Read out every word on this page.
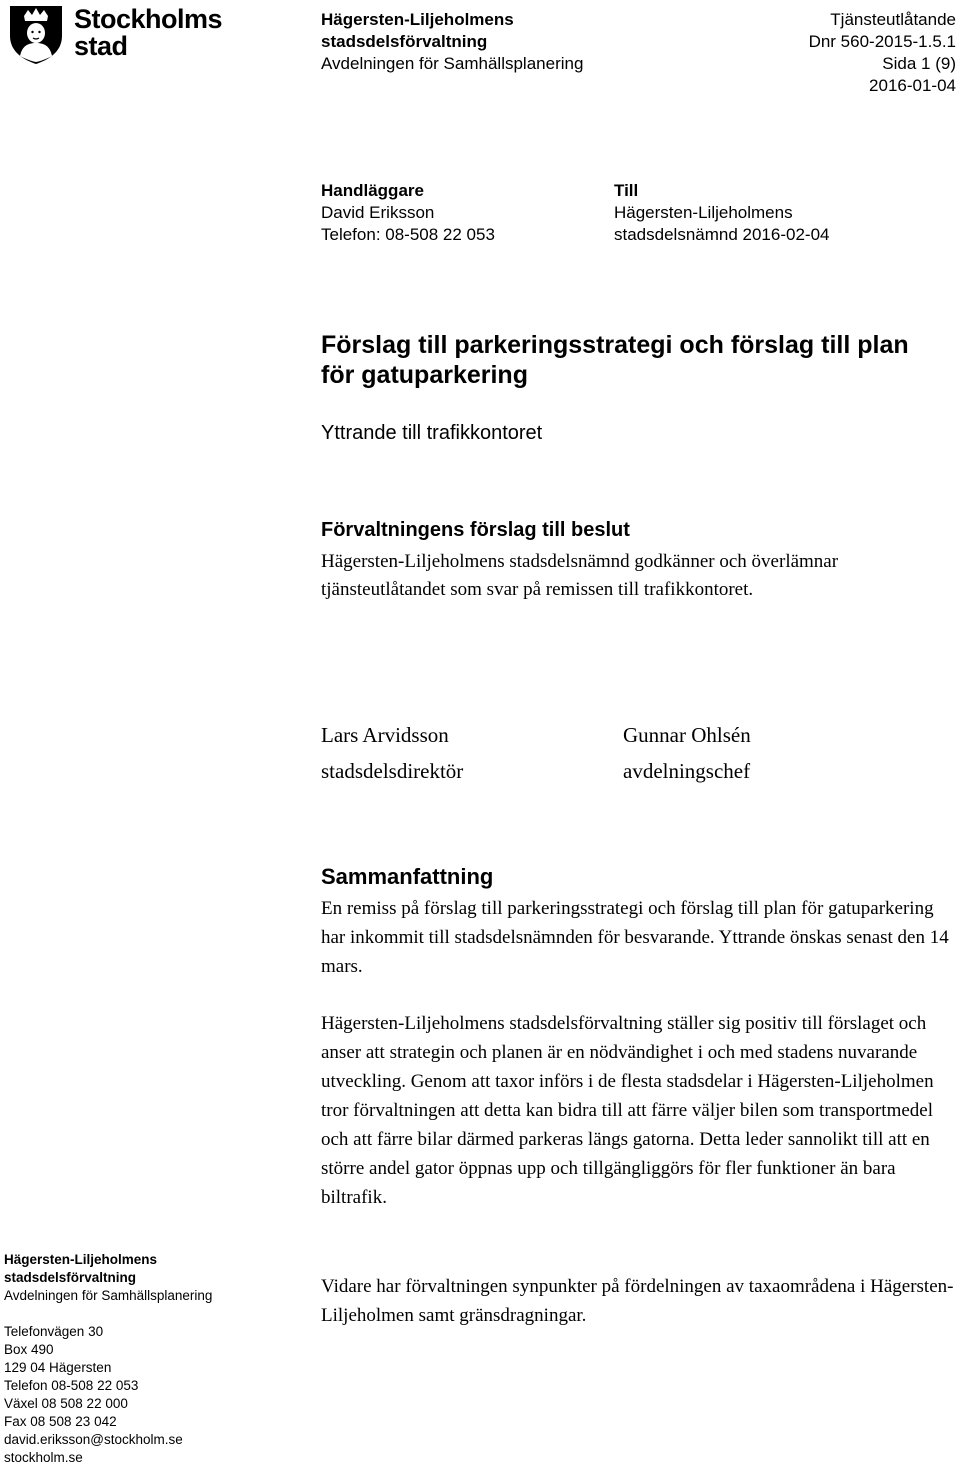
Stockholms
stad
Hägersten-Liljeholmens
stadsdelsförvaltning
Avdelningen för Samhällsplanering
Tjänsteutlåtande
Dnr 560-2015-1.5.1
Sida 1 (9)
2016-01-04
Handläggare
David Eriksson
Telefon: 08-508 22 053
Till
Hägersten-Liljeholmens
stadsdelsnämnd 2016-02-04
Förslag till parkeringsstrategi och förslag till plan för gatuparkering
Yttrande till trafikkontoret
Förvaltningens förslag till beslut
Hägersten-Liljeholmens stadsdelsnämnd godkänner och överlämnar tjänsteutlåtandet som svar på remissen till trafikkontoret.
Lars Arvidsson
stadsdelsdirektör
Gunnar Ohlsén
avdelningschef
Sammanfattning
En remiss på förslag till parkeringsstrategi och förslag till plan för gatuparkering har inkommit till stadsdelsnämnden för besvarande. Yttrande önskas senast den 14 mars.
Hägersten-Liljeholmens stadsdelsförvaltning ställer sig positiv till förslaget och anser att strategin och planen är en nödvändighet i och med stadens nuvarande utveckling. Genom att taxor införs i de flesta stadsdelar i Hägersten-Liljeholmen tror förvaltningen att detta kan bidra till att färre väljer bilen som transportmedel och att färre bilar därmed parkeras längs gatorna. Detta leder sannolikt till att en större andel gator öppnas upp och tillgängliggörs för fler funktioner än bara biltrafik.
Vidare har förvaltningen synpunkter på fördelningen av taxaområdena i Hägersten-Liljeholmen samt gränsdragningar.
Hägersten-Liljeholmens
stadsdelsförvaltning
Avdelningen för Samhällsplanering
Telefonvägen 30
Box 490
129 04 Hägersten
Telefon 08-508 22 053
Växel 08 508 22 000
Fax 08 508 23 042
david.eriksson@stockholm.se
stockholm.se
